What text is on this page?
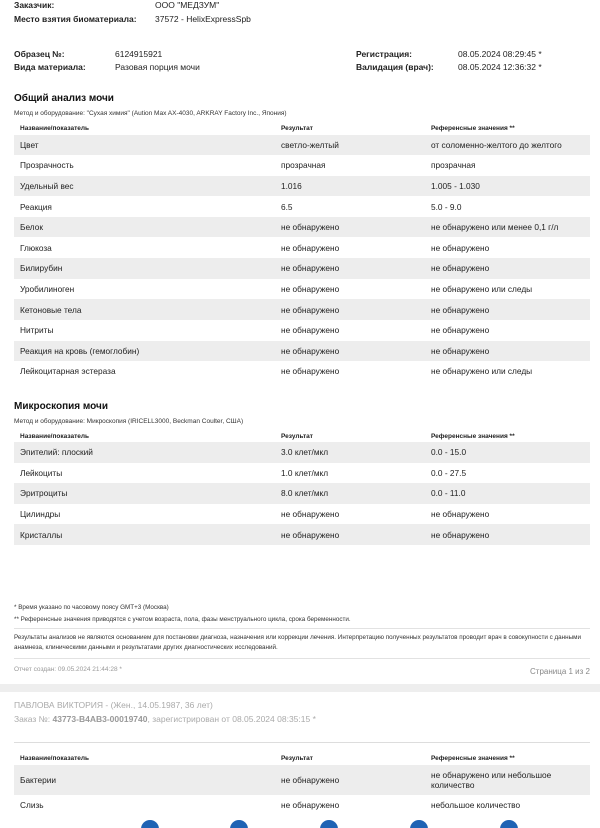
Заказчик:	ООО "МЕДЗУМ"
Место взятия биоматериала: 37572 - HelixExpressSpb
Образец №:	6124915921
Вида материала:	Разовая порция мочи
Регистрация:	08.05.2024 08:29:45 *
Валидация (врач):	08.05.2024 12:36:32 *
Общий анализ мочи
Метод и оборудование: "Сухая химия" (Aution Max AX-4030, ARKRAY Factory Inc., Япония)
Название/показатель	Результат	Референсные значения **
Цвет	светло-желтый	от соломенно-желтого до желтого
Прозрачность	прозрачная	прозрачная
Удельный вес	1.016	1.005 - 1.030
Реакция	6.5	5.0 - 9.0
Белок	не обнаружено	не обнаружено или менее 0,1 г/л
Глюкоза	не обнаружено	не обнаружено
Билирубин	не обнаружено	не обнаружено
Уробилиноген	не обнаружено	не обнаружено или следы
Кетоновые тела	не обнаружено	не обнаружено
Нитриты	не обнаружено	не обнаружено
Реакция на кровь (гемоглобин)	не обнаружено	не обнаружено
Лейкоцитарная эстераза	не обнаружено	не обнаружено или следы
Микроскопия мочи
Метод и оборудование: Микроскопия (IRICELL3000, Beckman Coulter, США)
Название/показатель	Результат	Референсные значения **
Эпителий: плоский	3.0 клет/мкл	0.0 - 15.0
Лейкоциты	1.0 клет/мкл	0.0 - 27.5
Эритроциты	8.0 клет/мкл	0.0 - 11.0
Цилиндры	не обнаружено	не обнаружено
Кристаллы	не обнаружено	не обнаружено
* Время указано по часовому поясу GMT+3 (Москва)
** Референсные значения приводятся с учетом возраста, пола, фазы менструального цикла, срока беременности.
Результаты анализов не являются основанием для постановки диагноза, назначения или коррекции лечения. Интерпретацию полученных результатов проводит врач в совокупности с данными анамнеза, клиническими данными и результатами других диагностических исследований.
Отчет создан: 09.05.2024 21:44:28 *	Страница 1 из 2
ПАВЛОВА ВИКТОРИЯ - (Жен., 14.05.1987, 36 лет)
Заказ №: 43773-B4AB3-00019740, зарегистрирован от 08.05.2024 08:35:15 *
Название/показатель	Результат	Референсные значения **
Бактерии	не обнаружено	не обнаружено или небольшое количество
Слизь	не обнаружено	небольшое количество
